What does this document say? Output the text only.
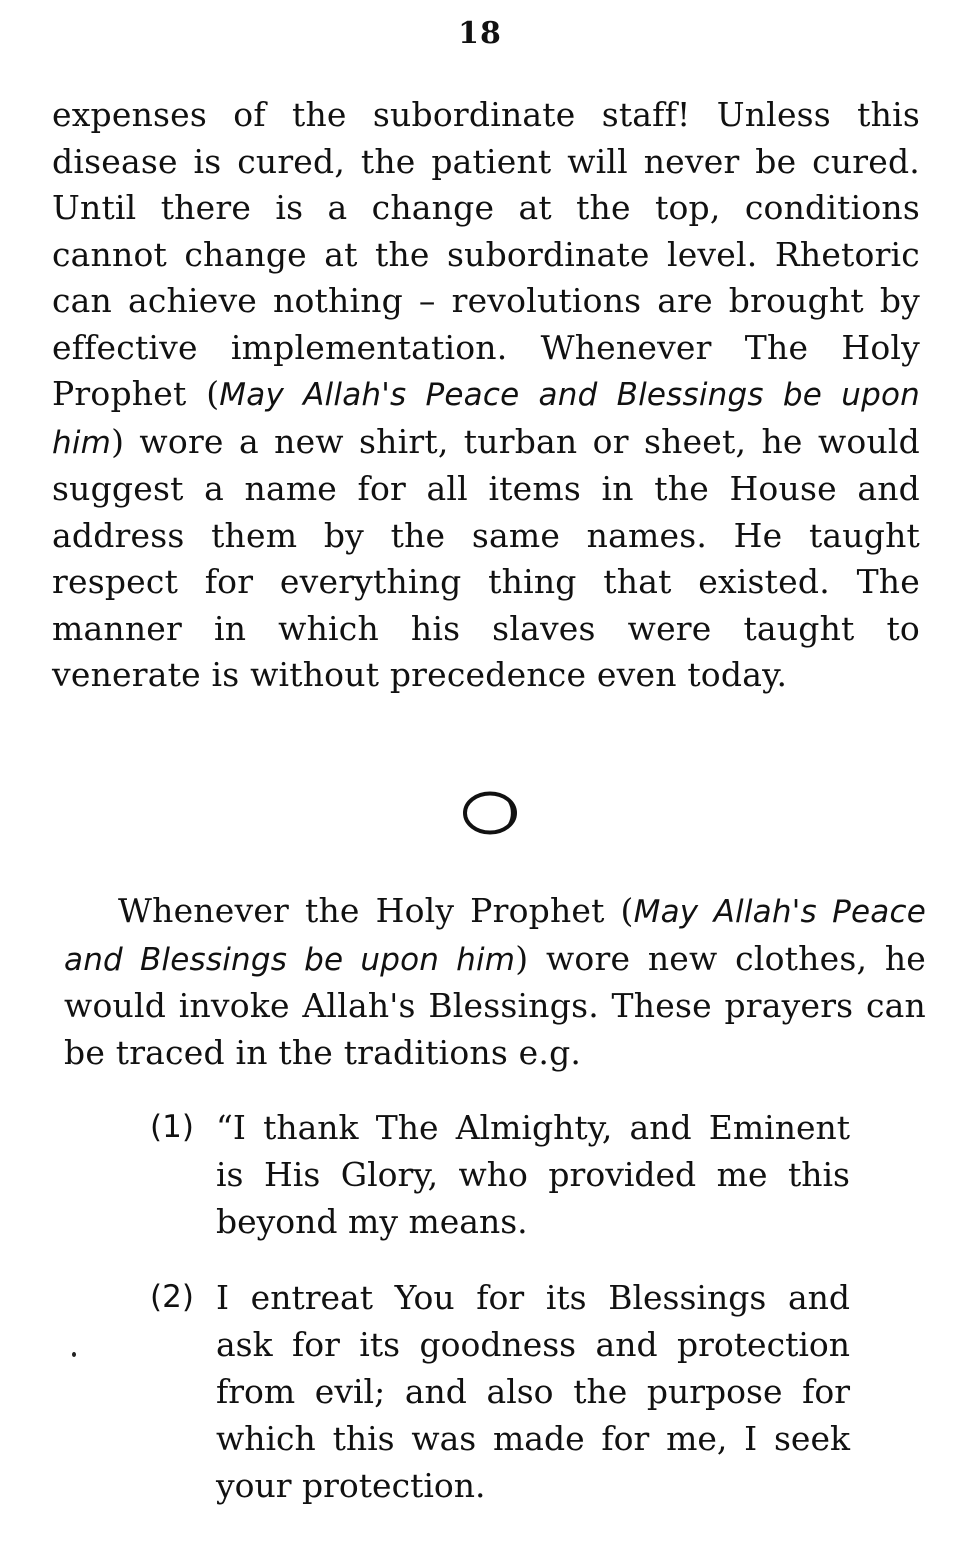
18

expenses of the subordinate staff! Unless this disease is cured, the patient will never be cured. Until there is a change at the top, conditions cannot change at the subordinate level. Rhetoric can achieve nothing – revolutions are brought by effective implementation. Whenever The Holy Prophet (May Allah's Peace and Blessings be upon him) wore a new shirt, turban or sheet, he would suggest a name for all items in the House and address them by the same names. He taught respect for everything thing that existed. The manner in which his slaves were taught to venerate is without precedence even today.

Whenever the Holy Prophet (May Allah's Peace and Blessings be upon him) wore new clothes, he would invoke Allah's Blessings. These prayers can be traced in the traditions e.g.

(1) “I thank The Almighty, and Eminent is His Glory, who provided me this beyond my means.
(2) I entreat You for its Blessings and ask for its goodness and protection from evil; and also the purpose for which this was made for me, I seek your protection.
